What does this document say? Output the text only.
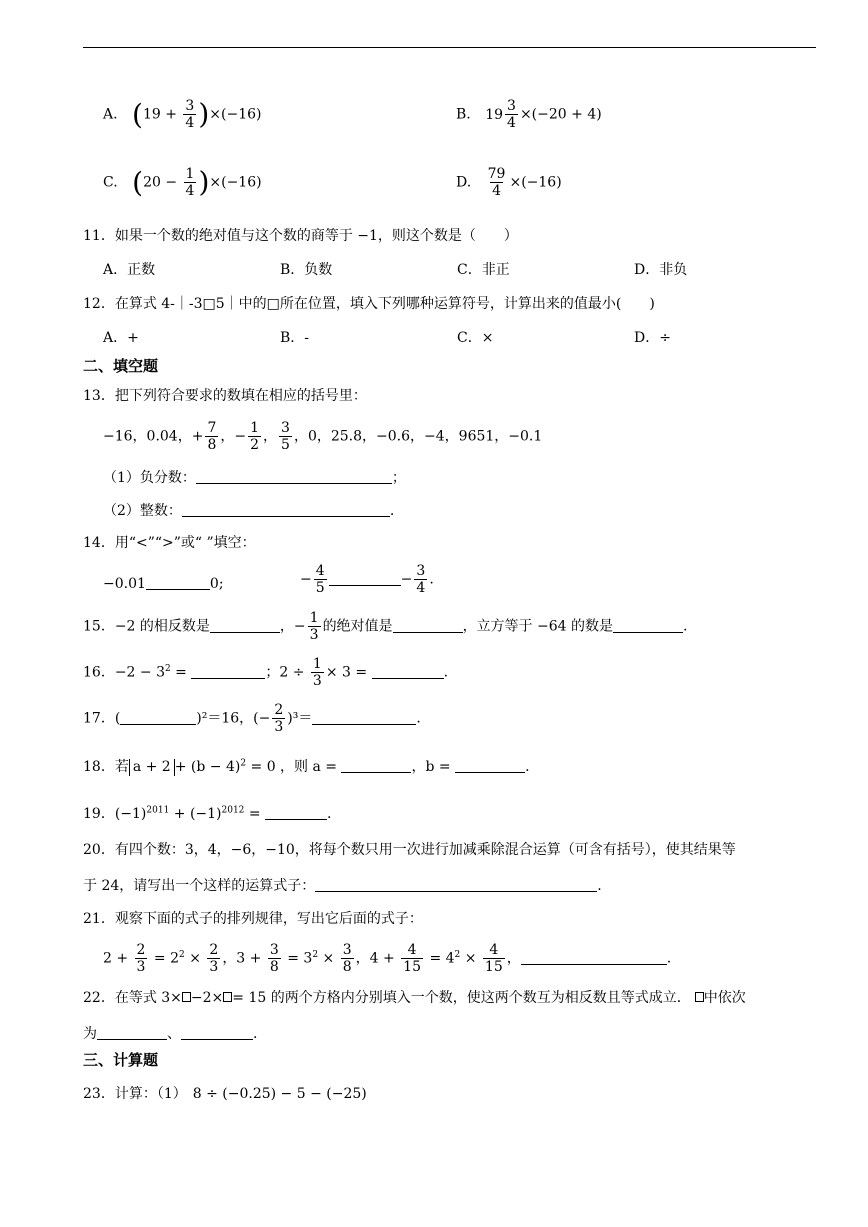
A. $(19 + \frac{3}{4} )\times(-16)$	B. $19 \frac{3}{4} \times(-20 + 4)$
C. $(20 - \frac{1}{4} )\times(-16)$	D. $\frac{79}{4} \times(-16)$
11．如果一个数的绝对值与这个数的商等于 −1，则这个数是（　　）
A．正数	B．负数	C．非正	D．非负
12．在算式 4-｜-3□5｜中的□所在位置，填入下列哪种运算符号，计算出来的值最小(　　)
A．+	B．-	C．×	D．÷
二、填空题
13．把下列符合要求的数填在相应的括号里：
−16，0.04，+ $\frac{7}{8}$ ，− $\frac{1}{2}$ ， $\frac{3}{5}$ ，0，25.8，−0.6，−4，9651，−0.1
（1）负分数：	；
（2）整数：	.
14．用“<”“>”或“ ”填空：
−0.01	0;	− $\frac{4}{5}$	− $\frac{3}{4}$ .
15．−2 的相反数是	，− $\frac{1}{3}$ 的绝对值是	，立方等于 −64 的数是	.
16．$-2 - 3^2$ =	；$2 \div \frac{1}{3} \times 3$ =	.
17．(	)²＝16，(− $\frac{2}{3} )^3=$	.
18．若 $a + 2 + (b - 4)^2 = 0$ ，则 a =	，b =	.
19．$(-1)^{2011} + (-1)^{2012}$ =	.
20．有四个数：3，4，−6，−10，将每个数只用一次进行加减乘除混合运算（可含有括号），使其结果等
于 24，请写出一个这样的运算式子：	.
21．观察下面的式子的排列规律，写出它后面的式子：
$2 + \frac{2}{3} = 2^2 \times \frac{2}{3}$ ，$3 + \frac{3}{8} = 3^2 \times \frac{3}{8}$ ，$4 + \frac{4}{15} = 4^2 \times \frac{4}{15}$ ，	.
22．在等式 3× −2× = 15 的两个方格内分别填入一个数，使这两个数互为相反数且等式成立． 中依次
为	、	.
三、计算题
23．计算：（1） 8 ÷ (−0.25) − 5 − (−25)
